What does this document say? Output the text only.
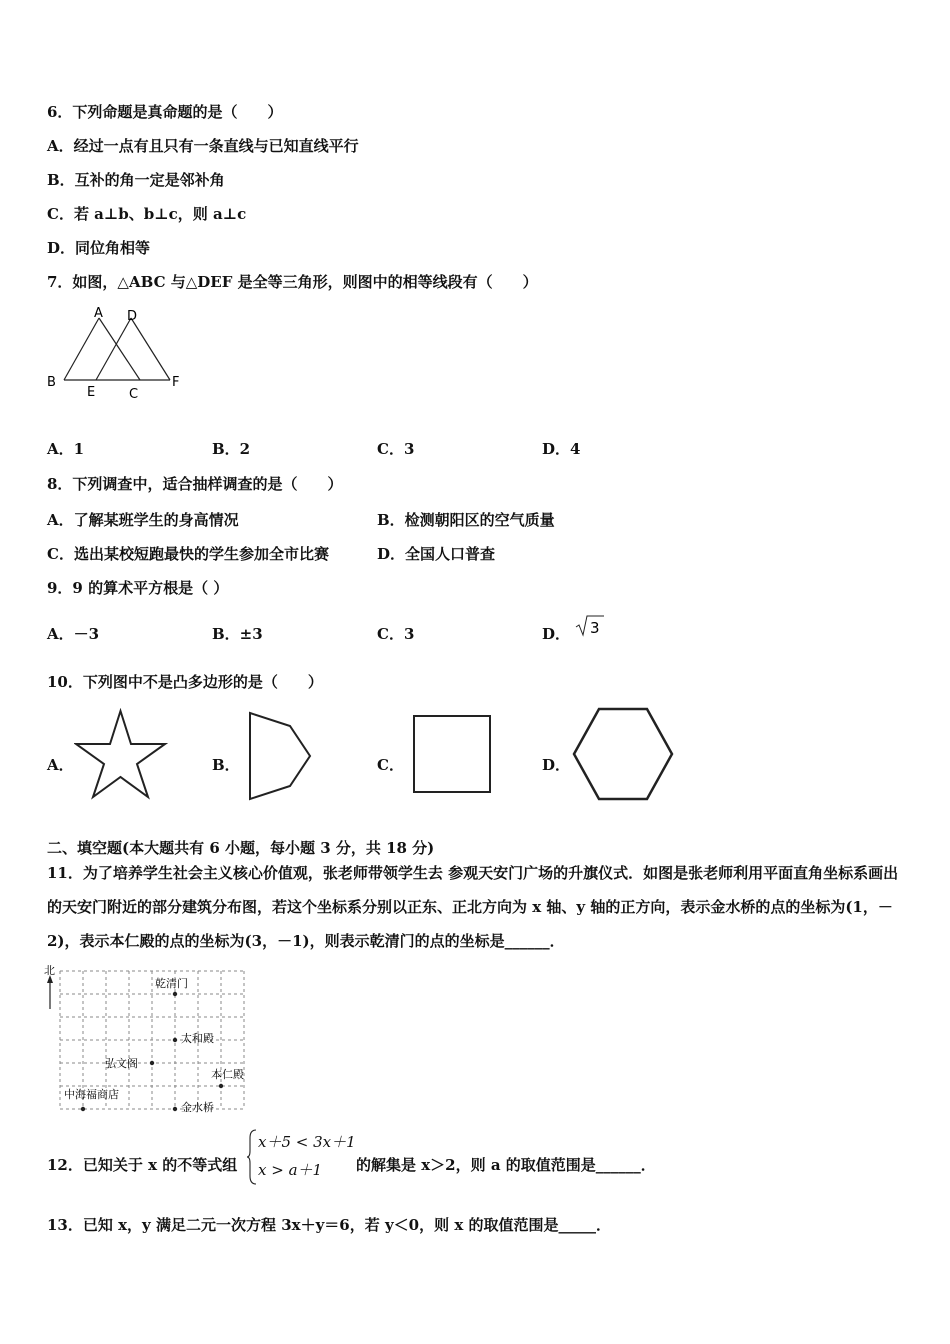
6．下列命题是真命题的是（　　）
A．经过一点有且只有一条直线与已知直线平行
B．互补的角一定是邻补角
C．若 a⊥b、b⊥c，则 a⊥c
D．同位角相等
7．如图，△ABC 与△DEF 是全等三角形，则图中的相等线段有（　　）
A D
B
E	C
F
A．1	B．2	C．3	D．4
8．下列调查中，适合抽样调查的是（　　）
A．了解某班学生的身高情况	B．检测朝阳区的空气质量
C．选出某校短跑最快的学生参加全市比赛	D．全国人口普查
9．9 的算术平方根是（ ）
A．－3	B．±3	C．3	D． 3
10．下列图中不是凸多边形的是（　　）
A．	B．	C．	D．
二、填空题(本大题共有 6 小题，每小题 3 分，共 18 分)
11．为了培养学生社会主义核心价值观，张老师带领学生去 参观天安门广场的升旗仪式．如图是张老师利用平面直角坐标系画出的天安门附近的部分建筑分布图，若这个坐标系分别以正东、正北方向为 x 轴、y 轴的正方向，表示金水桥的点的坐标为(1，－2)，表示本仁殿的点的坐标为(3，－1)，则表示乾清门的点的坐标是______．
北
乾清门
太和殿
弘文阁
本仁殿
中海福商店
金水桥
12．已知关于 x 的不等式组
x＋5 < 3x＋1
x > a＋1 的解集是 x＞2，则 a 的取值范围是______．
13．已知 x，y 满足二元一次方程 3x＋y＝6，若 y＜0，则 x 的取值范围是_____．
